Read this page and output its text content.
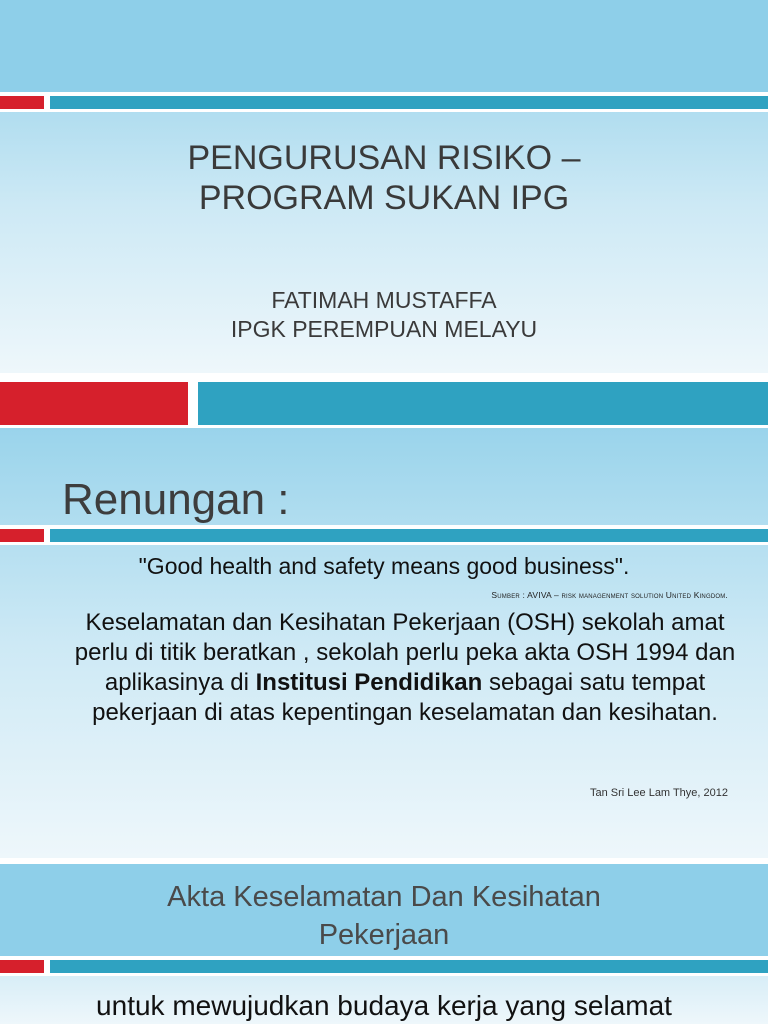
PENGURUSAN RISIKO –
PROGRAM SUKAN IPG
FATIMAH MUSTAFFA
IPGK PEREMPUAN MELAYU
Renungan :
"Good health and safety means good business".
Sumber : AVIVA – risk managenment solution United Kingdom.
Keselamatan dan Kesihatan Pekerjaan (OSH) sekolah amat perlu di titik beratkan , sekolah perlu peka akta OSH 1994 dan aplikasinya di Institusi Pendidikan sebagai satu tempat pekerjaan di atas kepentingan keselamatan dan kesihatan.
Tan Sri Lee Lam Thye, 2012
Akta Keselamatan Dan Kesihatan Pekerjaan
untuk mewujudkan budaya kerja yang selamat
